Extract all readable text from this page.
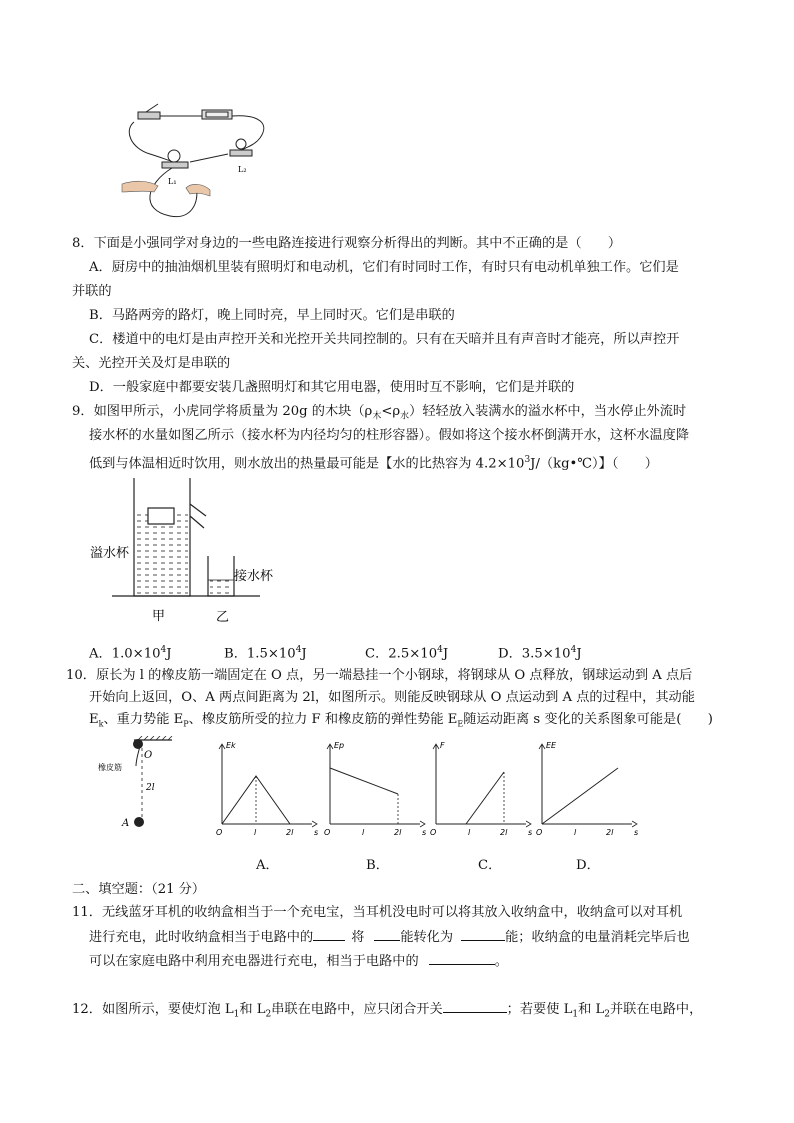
L₁
L₂
8．下面是小强同学对身边的一些电路连接进行观察分析得出的判断。其中不正确的是（　　）
A．厨房中的抽油烟机里装有照明灯和电动机，它们有时同时工作，有时只有电动机单独工作。它们是
并联的
B．马路两旁的路灯，晚上同时亮，早上同时灭。它们是串联的
C．楼道中的电灯是由声控开关和光控开关共同控制的。只有在天暗并且有声音时才能亮，所以声控开
关、光控开关及灯是串联的
D．一般家庭中都要安装几盏照明灯和其它用电器，使用时互不影响，它们是并联的
9．如图甲所示，小虎同学将质量为 20g 的木块$(\rho_木<\rho_水)$轻轻放入装满水的溢水杯中，当水停止外流时
接水杯的水量如图乙所示（接水杯为内径均匀的柱形容器）。假如将这个接水杯倒满开水，这杯水温度降
低到与体温相近时饮用，则水放出的热量最可能是【水的比热容为 $4.2\times 10^3J/(kg•℃)$】（　　）
溢水杯
接水杯
甲	乙
A．$1.0\times 10^4J$	B．$1.5\times 10^4J$	C．$2.5\times 10^4J$	D．$3.5\times 10^4J$
10．原长为 l 的橡皮筋一端固定在 O 点，另一端悬挂一个小钢球，将钢球从 O 点释放，钢球运动到 A 点后
开始向上返回，O、A 两点间距离为 2l，如图所示。则能反映钢球从 O 点运动到 A 点的过程中，其动能
$E_k$、重力势能 $E_P$、橡皮筋所受的拉力 F 和橡皮筋的弹性势能 $E_E$随运动距离 s 变化的关系图象可能是(　　)
O
橡皮筋
2l
A
Ek
O	l	2l	s
Ep
O	l	2l	s
F
O	l	2l	s
EE
O	l	2l	s
A．	B．	C．	D．
二、填空题：（21 分）
11．无线蓝牙耳机的收纳盒相当于一个充电宝，当耳机没电时可以将其放入收纳盒中，收纳盒可以对耳机
进行充电，此时收纳盒相当于电路中的	将	能转化为	能；收纳盒的电量消耗完毕后也
可以在家庭电路中利用充电器进行充电，相当于电路中的	。
12．如图所示，要使灯泡 $L_1$和 $L_2$串联在电路中，应只闭合开关	；若要使 $L_1$和 $L_2$并联在电路中，
